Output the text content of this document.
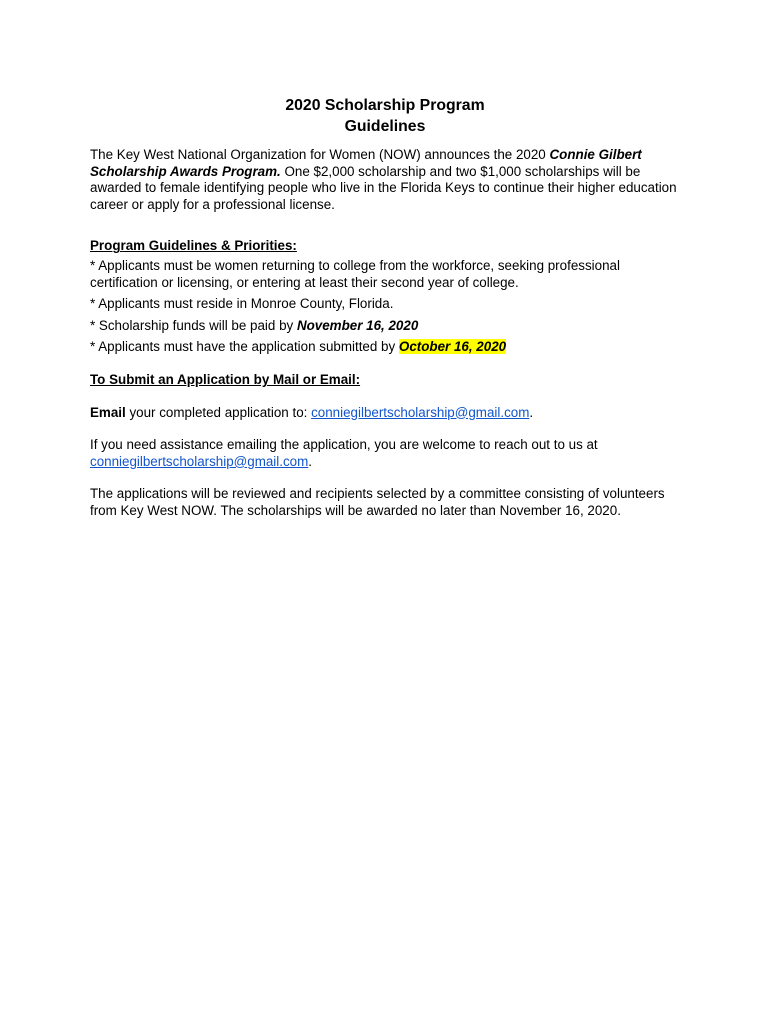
2020 Scholarship Program
Guidelines

The Key West National Organization for Women (NOW) announces the 2020 Connie Gilbert Scholarship Awards Program. One $2,000 scholarship and two $1,000 scholarships will be awarded to female identifying people who live in the Florida Keys to continue their higher education career or apply for a professional license.

Program Guidelines & Priorities:

* Applicants must be women returning to college from the workforce, seeking professional certification or licensing, or entering at least their second year of college.

* Applicants must reside in Monroe County, Florida.

* Scholarship funds will be paid by November 16, 2020

* Applicants must have the application submitted by October 16, 2020

To Submit an Application by Mail or Email:

Email your completed application to: conniegilbertscholarship@gmail.com.

If you need assistance emailing the application, you are welcome to reach out to us at conniegilbertscholarship@gmail.com.

The applications will be reviewed and recipients selected by a committee consisting of volunteers from Key West NOW. The scholarships will be awarded no later than November 16, 2020.
